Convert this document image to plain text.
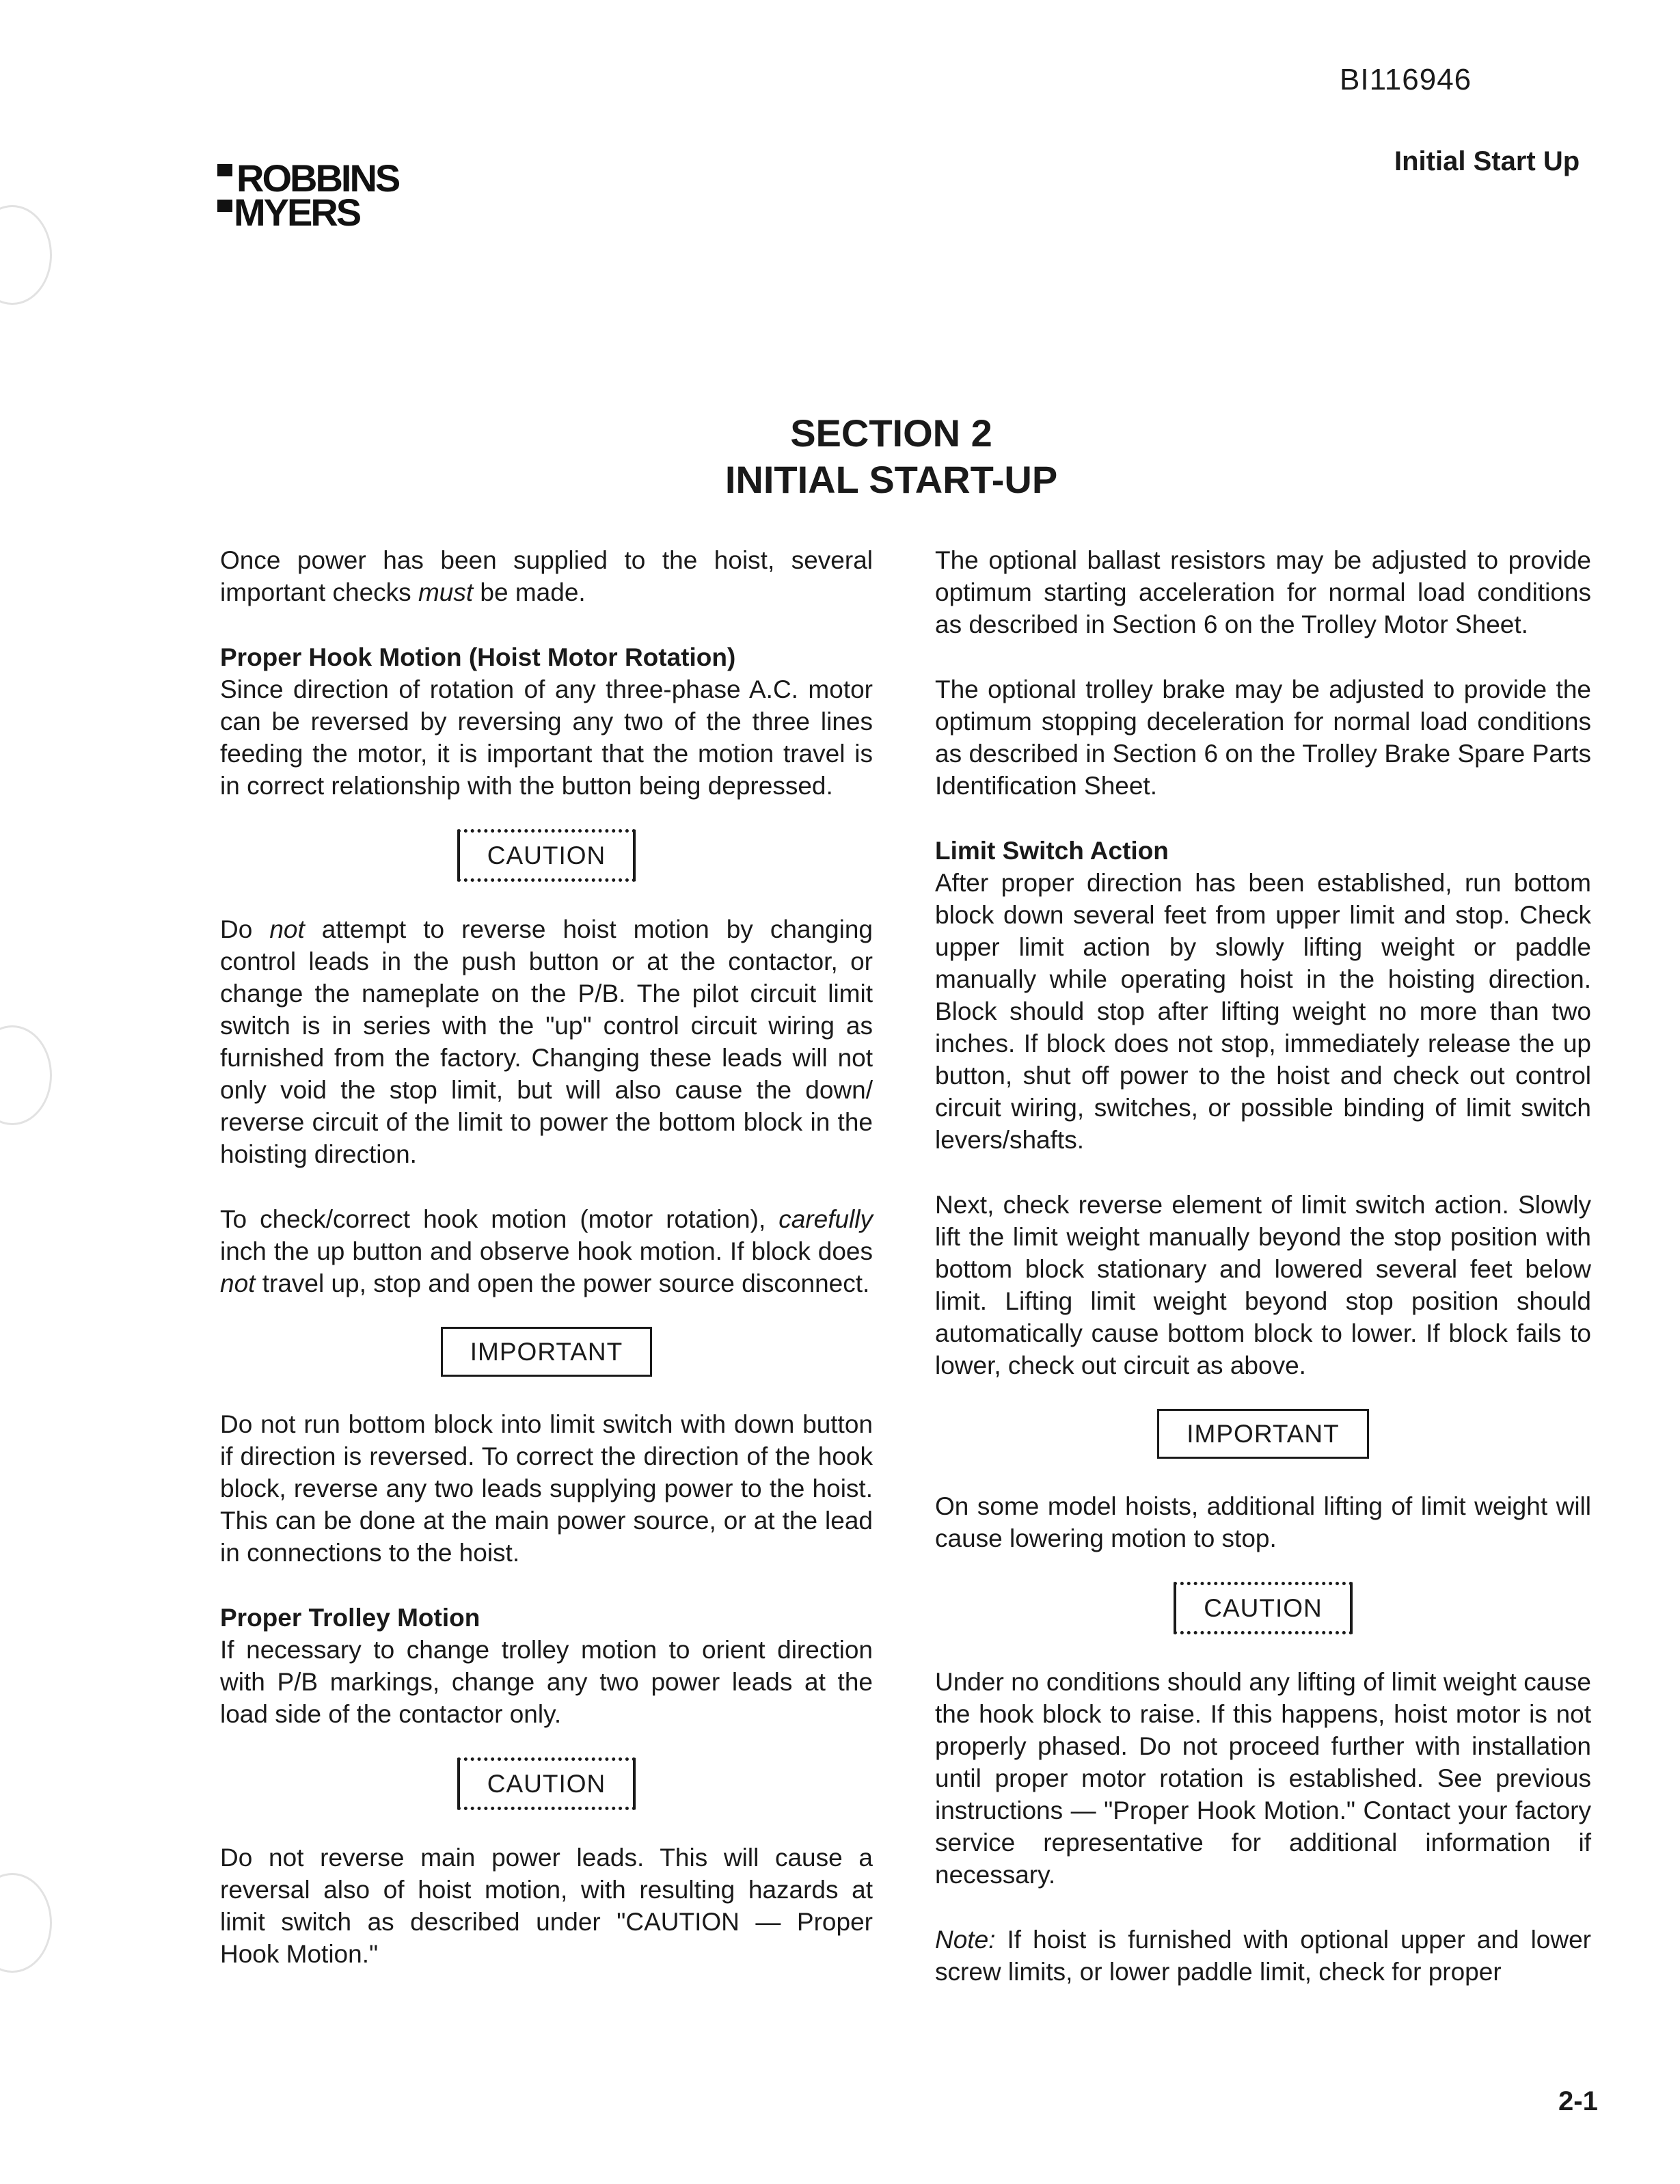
BI116946
Initial Start Up
ROBBINS
MYERS
SECTION 2
INITIAL START-UP

Once power has been supplied to the hoist, several important checks must be made.

Proper Hook Motion (Hoist Motor Rotation)

Since direction of rotation of any three-phase A.C. motor can be reversed by reversing any two of the three lines feeding the motor, it is important that the motion travel is in correct relationship with the button being depressed.

CAUTION

Do not attempt to reverse hoist motion by changing control leads in the push button or at the contactor, or change the nameplate on the P/B. The pilot circuit limit switch is in series with the "up" control circuit wiring as furnished from the factory. Changing these leads will not only void the stop limit, but will also cause the down/ reverse circuit of the limit to power the bottom block in the hoisting direction.

To check/correct hook motion (motor rotation), carefully inch the up button and observe hook motion. If block does not travel up, stop and open the power source disconnect.

IMPORTANT

Do not run bottom block into limit switch with down button if direction is reversed. To correct the direction of the hook block, reverse any two leads supplying power to the hoist. This can be done at the main power source, or at the lead in connections to the hoist.

Proper Trolley Motion

If necessary to change trolley motion to orient direction with P/B markings, change any two power leads at the load side of the contactor only.

CAUTION

Do not reverse main power leads. This will cause a reversal also of hoist motion, with resulting hazards at limit switch as described under "CAUTION — Proper Hook Motion."

The optional ballast resistors may be adjusted to provide optimum starting acceleration for normal load conditions as described in Section 6 on the Trolley Motor Sheet.

The optional trolley brake may be adjusted to provide the optimum stopping deceleration for normal load conditions as described in Section 6 on the Trolley Brake Spare Parts Identification Sheet.

Limit Switch Action

After proper direction has been established, run bottom block down several feet from upper limit and stop. Check upper limit action by slowly lifting weight or paddle manually while operating hoist in the hoisting direction. Block should stop after lifting weight no more than two inches. If block does not stop, immediately release the up button, shut off power to the hoist and check out control circuit wiring, switches, or possible binding of limit switch levers/shafts.

Next, check reverse element of limit switch action. Slowly lift the limit weight manually beyond the stop position with bottom block stationary and lowered several feet below limit. Lifting limit weight beyond stop position should automatically cause bottom block to lower. If block fails to lower, check out circuit as above.

IMPORTANT

On some model hoists, additional lifting of limit weight will cause lowering motion to stop.

CAUTION

Under no conditions should any lifting of limit weight cause the hook block to raise. If this happens, hoist motor is not properly phased. Do not proceed further with installation until proper motor rotation is established. See previous instructions — "Proper Hook Motion." Contact your factory service representative for additional information if necessary.

Note: If hoist is furnished with optional upper and lower screw limits, or lower paddle limit, check for proper

2-1
